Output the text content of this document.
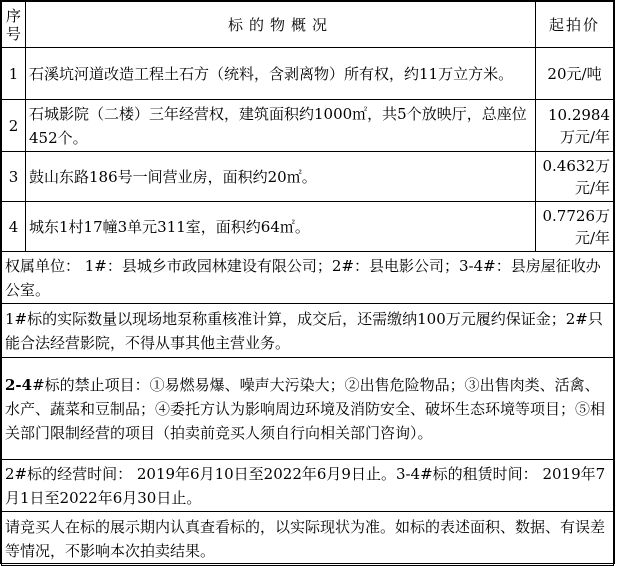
序号	标的物概况	起拍价
1	石溪坑河道改造工程土石方（统料，含剥离物）所有权，约11万立方米。	20元/吨
2	石城影院（二楼）三年经营权，建筑面积约1000㎡，共5个放映厅，总座位452个。	10.2984万元/年
3	鼓山东路186号一间营业房，面积约20㎡。	0.4632万元/年
4	城东1村17幢3单元311室，面积约64㎡。	0.7726万元/年
权属单位： 1#：县城乡市政园林建设有限公司；2#：县电影公司；3-4#：县房屋征收办公室。		
1#标的实际数量以现场地泵称重核准计算，成交后，还需缴纳100万元履约保证金；2#只能合法经营影院，不得从事其他主营业务。		
2-4#标的禁止项目：①易燃易爆、噪声大污染大；②出售危险物品；③出售肉类、活禽、水产、蔬菜和豆制品；④委托方认为影响周边环境及消防安全、破坏生态环境等项目；⑤相关部门限制经营的项目（拍卖前竞买人须自行向相关部门咨询）。		
2#标的经营时间： 2019年6月10日至2022年6月9日止。3-4#标的租赁时间： 2019年7月1日至2022年6月30日止。		
请竞买人在标的展示期内认真查看标的，以实际现状为准。如标的表述面积、数据、有误差等情况，不影响本次拍卖结果。		
